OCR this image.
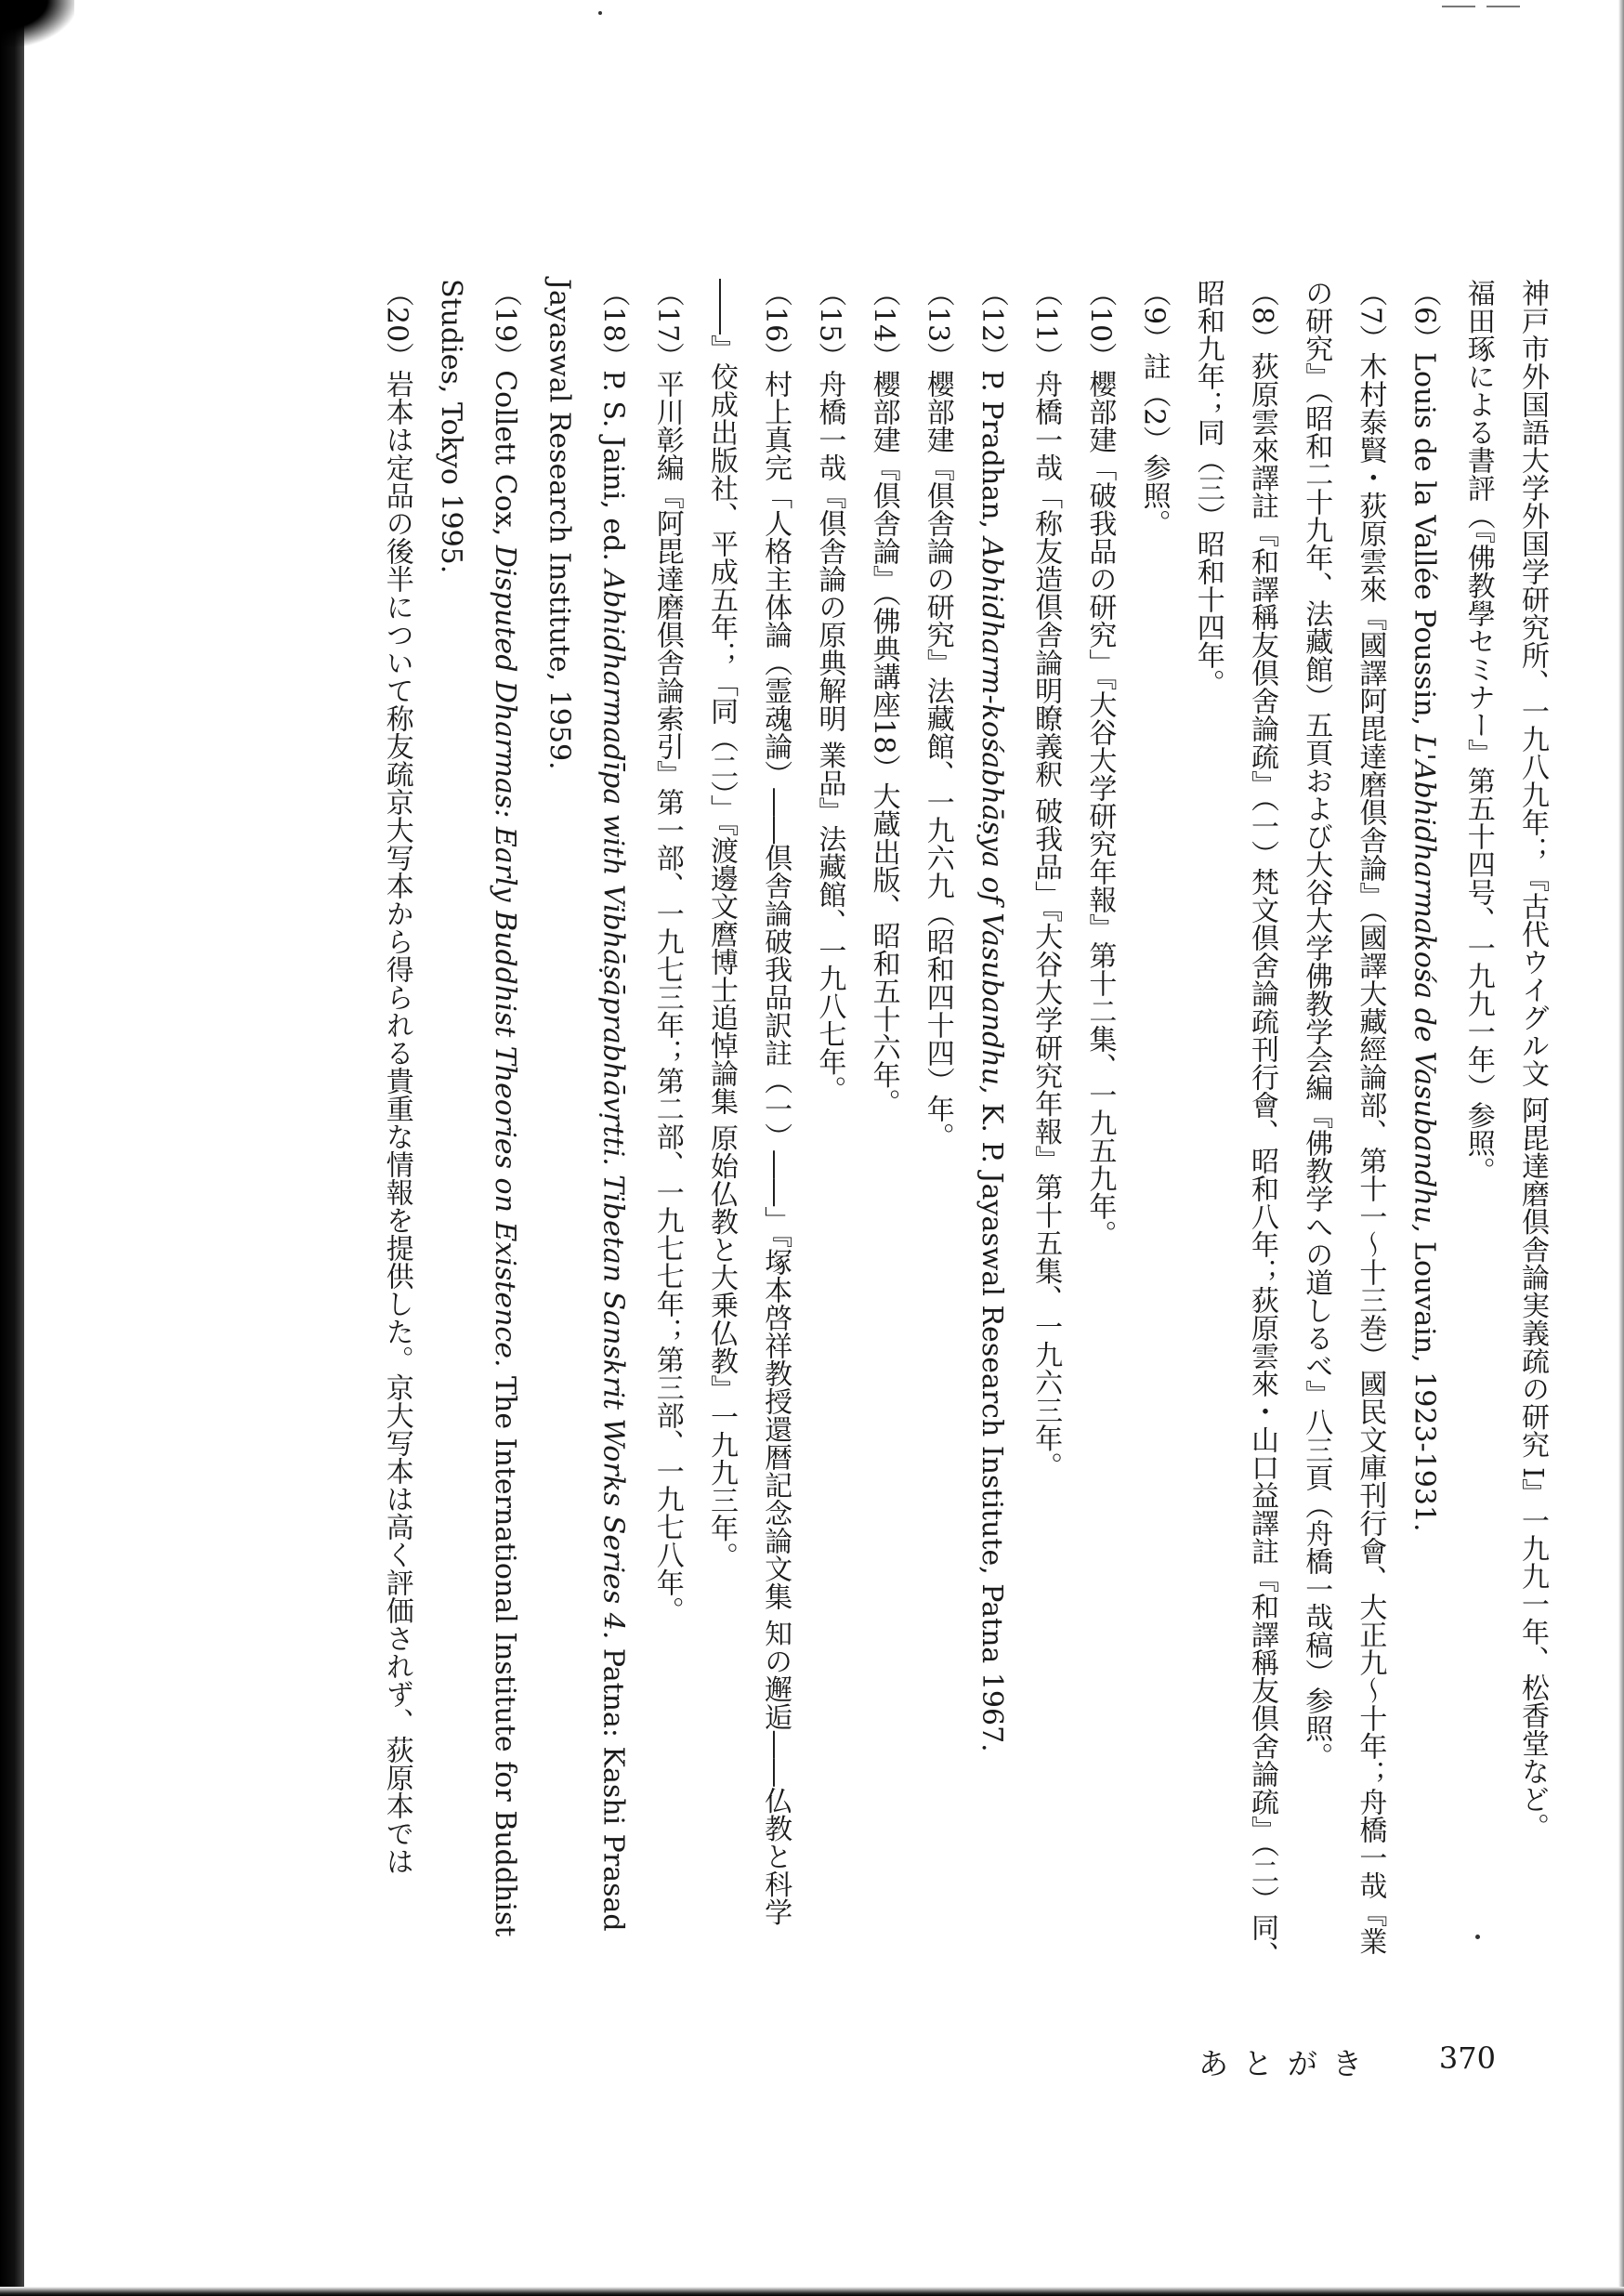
神戸市外国語大学外国学研究所、一九八九年；『古代ウイグル文 阿毘達磨倶舎論実義疏の研究 I』一九九一年、松香堂など。

福田琢による書評（『佛教學セミナー』第五十四号、一九九一年）参照。

（6）Louis de la Vallée Poussin, L'Abhidharmakośa de Vasubandhu, Louvain, 1923-1931.

（7）木村泰賢・荻原雲來『國譯阿毘達磨倶舎論』（國譯大藏經論部、第十一～十三巻）國民文庫刊行會、大正九～十年；舟橋一哉『業の研究』（昭和二十九年、法藏館）五頁および大谷大学佛教学会編『佛教学への道しるべ』八三頁（舟橋一哉稿）参照。

（8）荻原雲來譯註『和譯稱友倶舍論疏』（一）梵文倶舍論疏刊行會、昭和八年；荻原雲來・山口益譯註『和譯稱友倶舍論疏』（二）同、昭和九年；同（三）昭和十四年。

（9）註（2）参照。

（10）櫻部建「破我品の研究」『大谷大学研究年報』第十二集、一九五九年。

（11）舟橋一哉「称友造倶舎論明瞭義釈 破我品」『大谷大学研究年報』第十五集、一九六三年。

（12）P. Pradhan, Abhidharm-kośabhāṣya of Vasubandhu, K. P. Jayaswal Research Institute, Patna 1967.

（13）櫻部建『倶舎論の研究』法藏館、一九六九（昭和四十四）年。

（14）櫻部建『倶舎論』（佛典講座18）大蔵出版、昭和五十六年。

（15）舟橋一哉『倶舎論の原典解明 業品』法藏館、一九八七年。

（16）村上真完「人格主体論（霊魂論）――倶舎論破我品訳註（一）――」『塚本啓祥教授還暦記念論文集 知の邂逅――仏教と科学――』佼成出版社、平成五年；「同（二）」『渡邊文麿博士追悼論集 原始仏教と大乗仏教』一九九三年。

（17）平川彰編『阿毘達磨倶舎論索引』第一部、一九七三年；第二部、一九七七年；第三部、一九七八年。

（18）P. S. Jaini, ed. Abhidharmadīpa with Vibhāṣāprabhāvṛtti. Tibetan Sanskrit Works Series 4. Patna: Kashi Prasad Jayaswal Research Institute, 1959.

（19）Collett Cox, Disputed Dharmas: Early Buddhist Theories on Existence. The International Institute for Buddhist Studies, Tokyo 1995.

（20）岩本は定品の後半について称友疏京大写本から得られる貴重な情報を提供した。京大写本は高く評価されず、荻原本では

あとがき 370
